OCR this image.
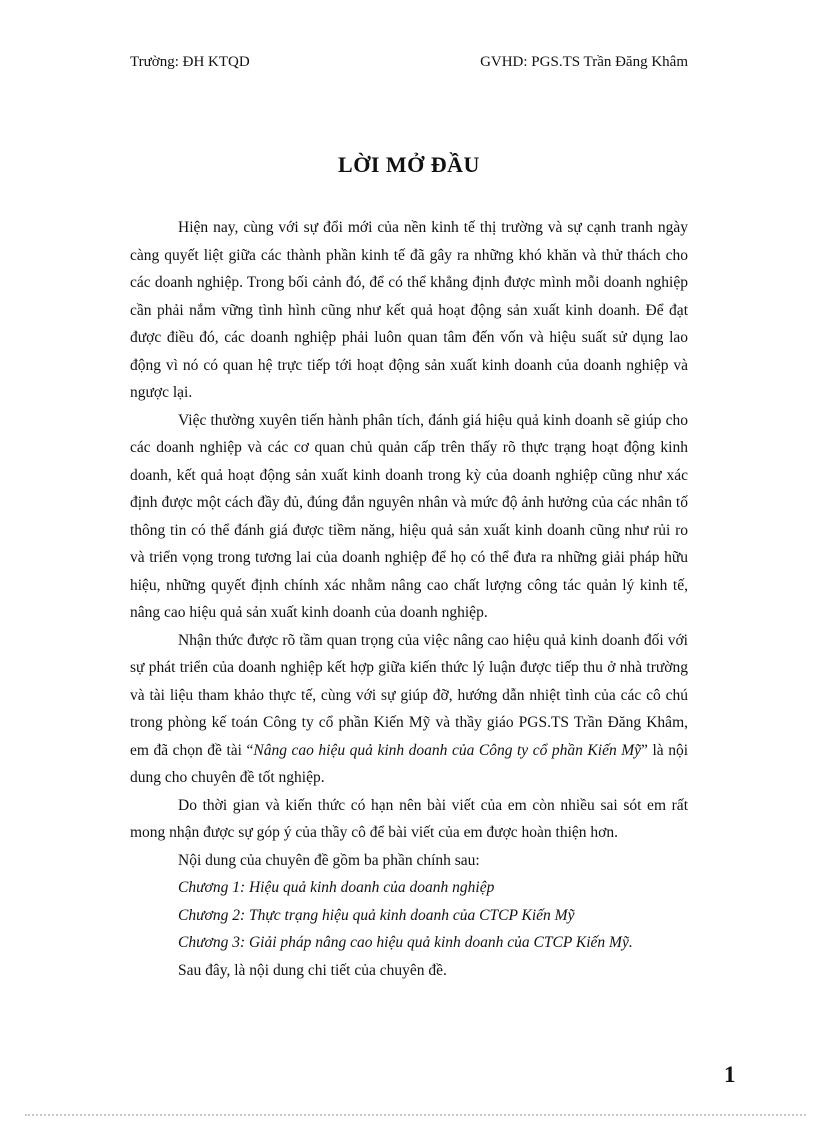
Trường: ĐH KTQD	GVHD: PGS.TS Trần Đăng Khâm
LỜI MỞ ĐẦU

Hiện nay, cùng với sự đổi mới của nền kinh tế thị trường và sự cạnh tranh ngày càng quyết liệt giữa các thành phần kinh tế đã gây ra những khó khăn và thử thách cho các doanh nghiệp. Trong bối cảnh đó, để có thể khẳng định được mình mỗi doanh nghiệp cần phải nắm vững tình hình cũng như kết quả hoạt động sản xuất kinh doanh. Để đạt được điều đó, các doanh nghiệp phải luôn quan tâm đến vốn và hiệu suất sử dụng lao động vì nó có quan hệ trực tiếp tới hoạt động sản xuất kinh doanh của doanh nghiệp và ngược lại.

Việc thường xuyên tiến hành phân tích, đánh giá hiệu quả kinh doanh sẽ giúp cho các doanh nghiệp và các cơ quan chủ quản cấp trên thấy rõ thực trạng hoạt động kinh doanh, kết quả hoạt động sản xuất kinh doanh trong kỳ của doanh nghiệp cũng như xác định được một cách đầy đủ, đúng đắn nguyên nhân và mức độ ảnh hưởng của các nhân tố thông tin có thể đánh giá được tiềm năng, hiệu quả sản xuất kinh doanh cũng như rủi ro và triển vọng trong tương lai của doanh nghiệp để họ có thể đưa ra những giải pháp hữu hiệu, những quyết định chính xác nhằm nâng cao chất lượng công tác quản lý kinh tế, nâng cao hiệu quả sản xuất kinh doanh của doanh nghiệp.

Nhận thức được rõ tầm quan trọng của việc nâng cao hiệu quả kinh doanh đối với sự phát triển của doanh nghiệp kết hợp giữa kiến thức lý luận được tiếp thu ở nhà trường và tài liệu tham khảo thực tế, cùng với sự giúp đỡ, hướng dẫn nhiệt tình của các cô chú trong phòng kế toán Công ty cổ phần Kiến Mỹ và thầy giáo PGS.TS Trần Đăng Khâm, em đã chọn đề tài “Nâng cao hiệu quả kinh doanh của Công ty cổ phần Kiến Mỹ” là nội dung cho chuyên đề tốt nghiệp.

Do thời gian và kiến thức có hạn nên bài viết của em còn nhiều sai sót em rất mong nhận được sự góp ý của thầy cô để bài viết của em được hoàn thiện hơn.

Nội dung của chuyên đề gồm ba phần chính sau:

Chương 1: Hiệu quả kinh doanh của doanh nghiệp

Chương 2: Thực trạng hiệu quả kinh doanh của CTCP Kiến Mỹ

Chương 3: Giải pháp nâng cao hiệu quả kinh doanh của CTCP Kiến Mỹ.

Sau đây, là nội dung chi tiết của chuyên đề.

1
